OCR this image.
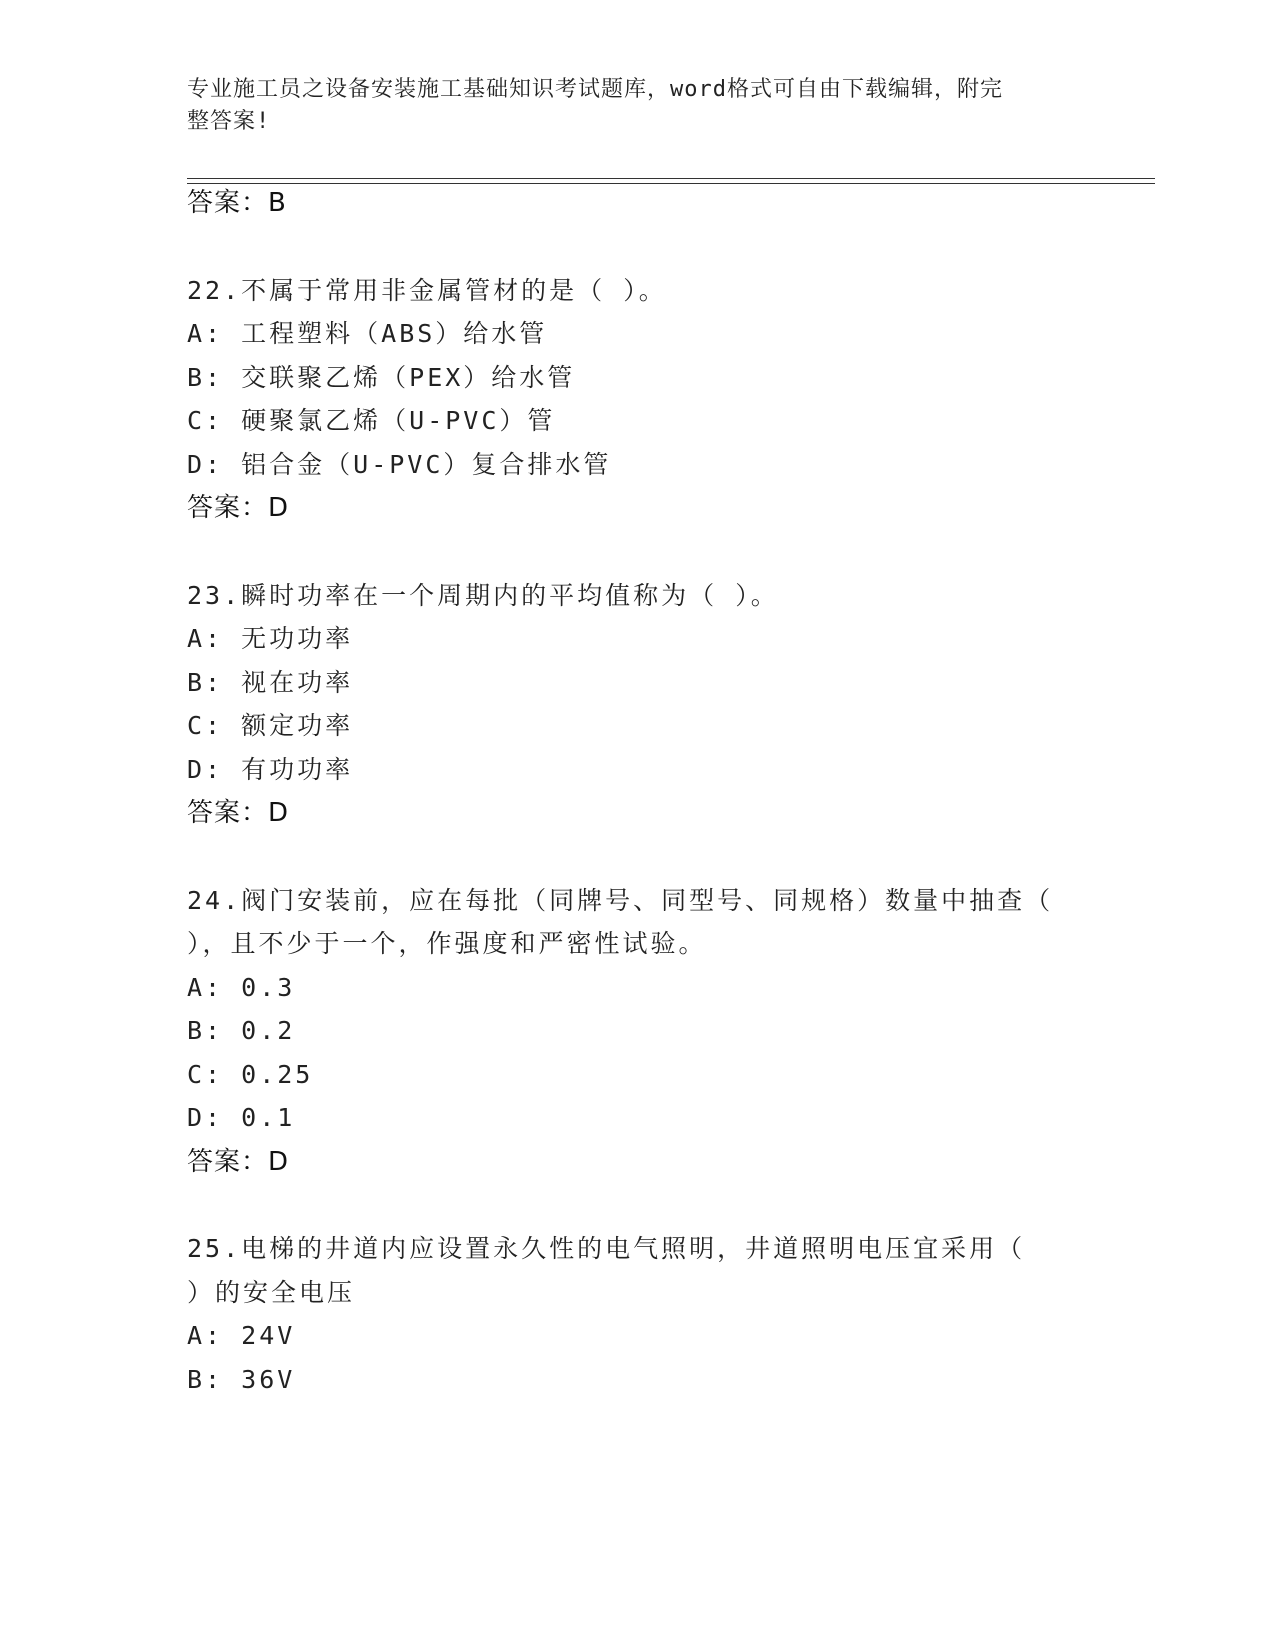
专业施工员之设备安装施工基础知识考试题库，word格式可自由下载编辑，附完
整答案!
答案：B
22.不属于常用非金属管材的是（ ）。
A: 工程塑料（ABS）给水管
B: 交联聚乙烯（PEX）给水管
C: 硬聚氯乙烯（U-PVC）管
D: 铝合金（U-PVC）复合排水管
答案：D
23.瞬时功率在一个周期内的平均值称为（ ）。
A: 无功功率
B: 视在功率
C: 额定功率
D: 有功功率
答案：D
24.阀门安装前，应在每批（同牌号、同型号、同规格）数量中抽查（
），且不少于一个，作强度和严密性试验。
A: 0.3
B: 0.2
C: 0.25
D: 0.1
答案：D
25.电梯的井道内应设置永久性的电气照明，井道照明电压宜采用（
）的安全电压
A: 24V
B: 36V
